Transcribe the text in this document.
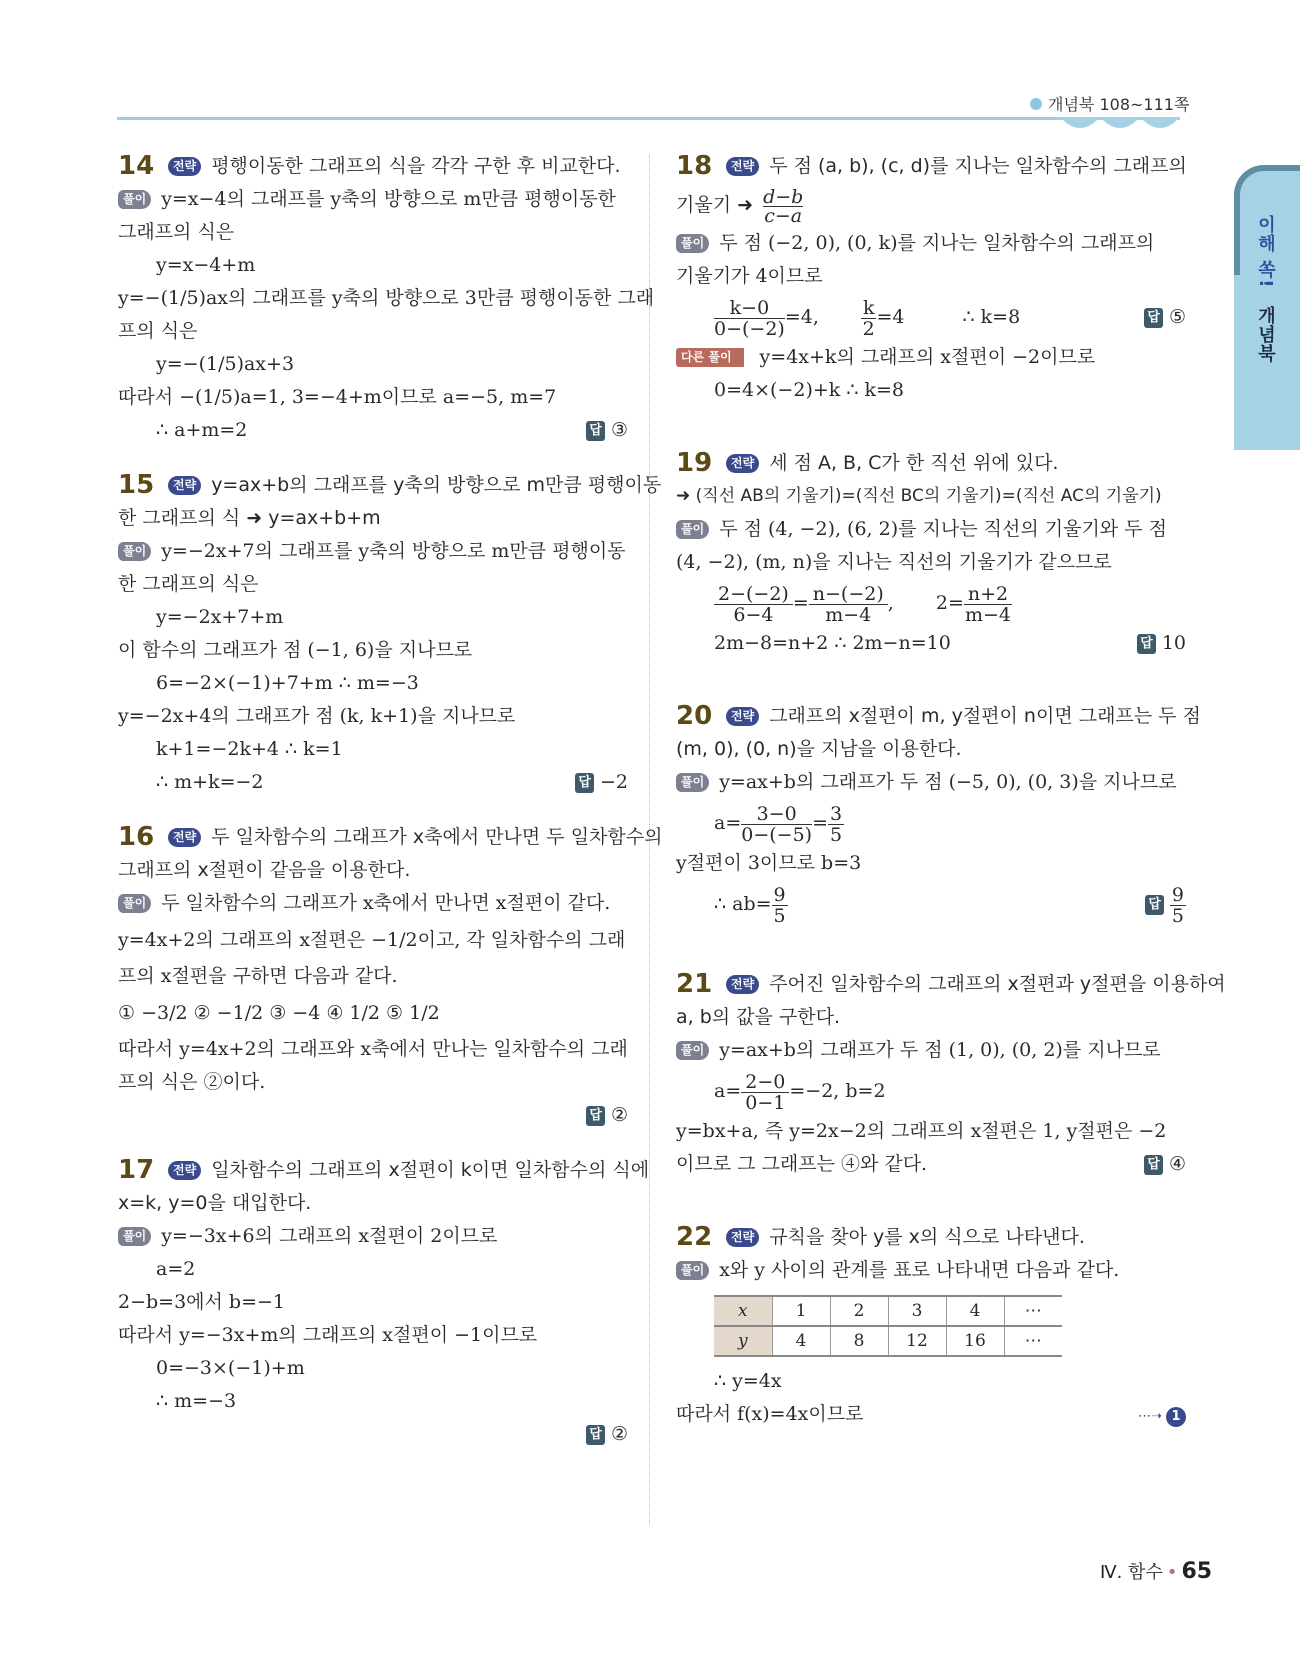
개념북 108~111쪽
이해 쏙! 개념북
14 전략 평행이동한 그래프의 식을 각각 구한 후 비교한다.
풀이 y=x−4의 그래프를 y축의 방향으로 m만큼 평행이동한
그래프의 식은
y=x−4+m
y=−(1/5)ax의 그래프를 y축의 방향으로 3만큼 평행이동한 그래
프의 식은
y=−(1/5)ax+3
따라서 −(1/5)a=1, 3=−4+m이므로 a=−5, m=7
∴ a+m=2	답 ③
15 전략 y=ax+b의 그래프를 y축의 방향으로 m만큼 평행이동
한 그래프의 식 ➜ y=ax+b+m
풀이 y=−2x+7의 그래프를 y축의 방향으로 m만큼 평행이동
한 그래프의 식은
y=−2x+7+m
이 함수의 그래프가 점 (−1, 6)을 지나므로
6=−2×(−1)+7+m ∴ m=−3
y=−2x+4의 그래프가 점 (k, k+1)을 지나므로
k+1=−2k+4 ∴ k=1
∴ m+k=−2	답 −2
16 전략 두 일차함수의 그래프가 x축에서 만나면 두 일차함수의
그래프의 x절편이 같음을 이용한다.
풀이 두 일차함수의 그래프가 x축에서 만나면 x절편이 같다.
y=4x+2의 그래프의 x절편은 −1/2이고, 각 일차함수의 그래
프의 x절편을 구하면 다음과 같다.
① −3/2 ② −1/2 ③ −4 ④ 1/2 ⑤ 1/2
따라서 y=4x+2의 그래프와 x축에서 만나는 일차함수의 그래
프의 식은 ②이다.
답 ②
17 전략 일차함수의 그래프의 x절편이 k이면 일차함수의 식에
x=k, y=0을 대입한다.
풀이 y=−3x+6의 그래프의 x절편이 2이므로
a=2
2−b=3에서 b=−1
따라서 y=−3x+m의 그래프의 x절편이 −1이므로
0=−3×(−1)+m
∴ m=−3
답 ②
18 전략 두 점 (a, b), (c, d)를 지나는 일차함수의 그래프의
기울기 ➜ $\frac{d-b}{c-a}$
풀이 두 점 (−2, 0), (0, k)를 지나는 일차함수의 그래프의
기울기가 4이므로
$\frac{k-0}{0-(-2)} =4$, $\frac{k}{2} =4$	∴ k=8	답 ⑤
다른 풀이 y=4x+k의 그래프의 x절편이 −2이므로
0=4×(−2)+k ∴ k=8
19 전략 세 점 A, B, C가 한 직선 위에 있다.
➜ (직선 AB의 기울기)=(직선 BC의 기울기)=(직선 AC의 기울기)
풀이 두 점 (4, −2), (6, 2)를 지나는 직선의 기울기와 두 점
(4, −2), (m, n)을 지나는 직선의 기울기가 같으므로
$\frac{2-(-2)}{6-4} = \frac{n-(-2)}{m-4}$ , $2= \frac{n+2}{m-4}$
2m−8=n+2 ∴ 2m−n=10	답 10
20 전략 그래프의 x절편이 m, y절편이 n이면 그래프는 두 점
(m, 0), (0, n)을 지남을 이용한다.
풀이 y=ax+b의 그래프가 두 점 (−5, 0), (0, 3)을 지나므로
$a= \frac{3-0}{0-(-5)} = \frac{3}{5}$
y절편이 3이므로 b=3
∴ $ab= \frac{9}{5}$	답 $\frac{9}{5}$
21 전략 주어진 일차함수의 그래프의 x절편과 y절편을 이용하여
a, b의 값을 구한다.
풀이 y=ax+b의 그래프가 두 점 (1, 0), (0, 2)를 지나므로
$a= \frac{2-0}{0-1} =-2$, b=2
y=bx+a, 즉 y=2x−2의 그래프의 x절편은 1, y절편은 −2
이므로 그 그래프는 ④와 같다.	답 ④
22 전략 규칙을 찾아 y를 x의 식으로 나타낸다.
풀이 x와 y 사이의 관계를 표로 나타내면 다음과 같다.
x	1	2	3	4	⋯
y	4	8	12	16	⋯
∴ y=4x
따라서 f(x)=4x이므로	⋯➝ 1
Ⅳ. 함수 • 65
